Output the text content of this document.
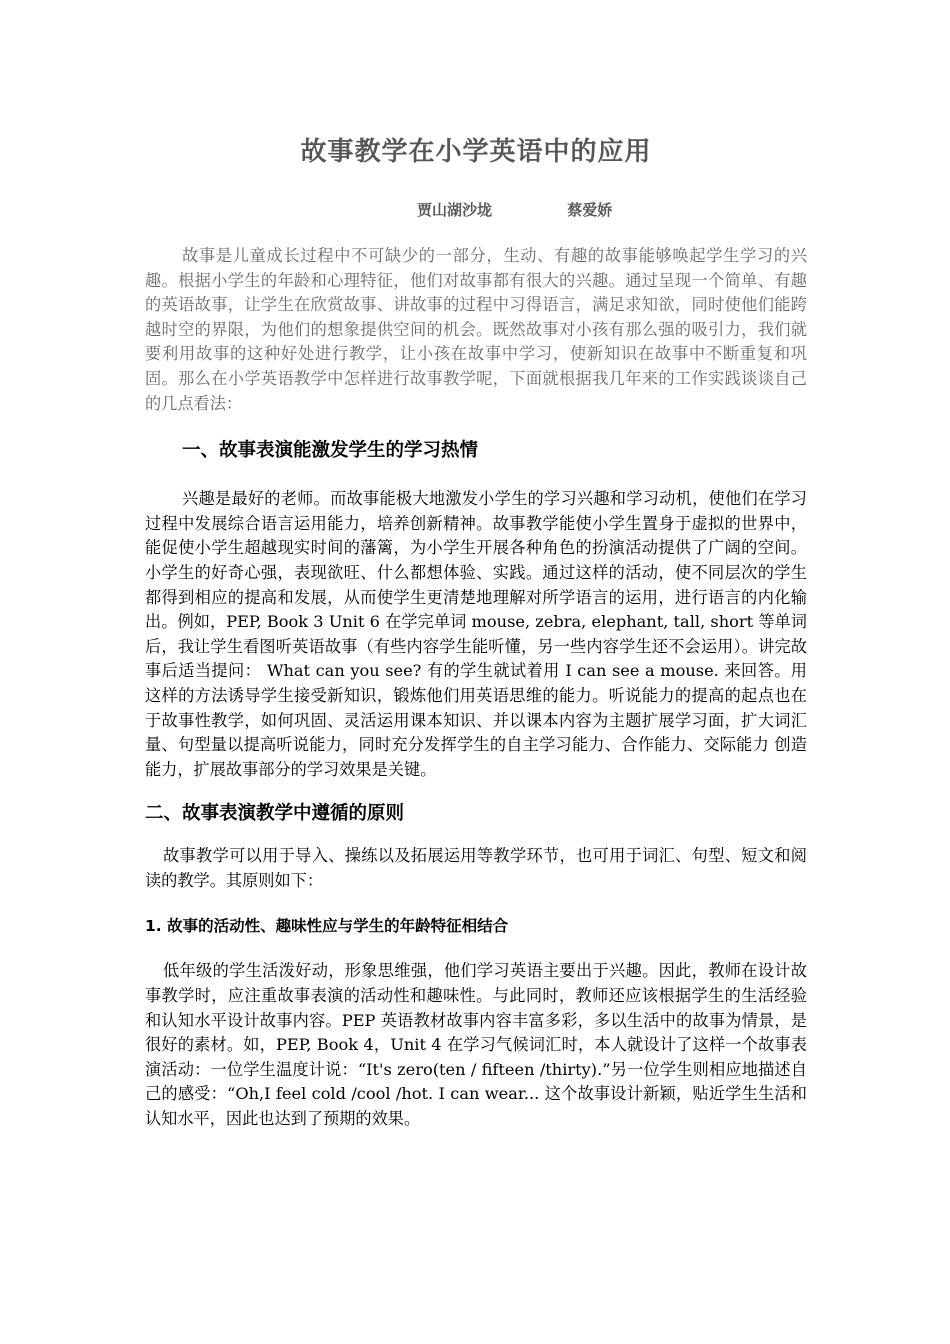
故事教学在小学英语中的应用
贾山湖沙垅	蔡爱娇

故事是儿童成长过程中不可缺少的一部分，生动、有趣的故事能够唤起学生学习的兴趣。根据小学生的年龄和心理特征，他们对故事都有很大的兴趣。通过呈现一个简单、有趣的英语故事，让学生在欣赏故事、讲故事的过程中习得语言，满足求知欲，同时使他们能跨越时空的界限，为他们的想象提供空间的机会。既然故事对小孩有那么强的吸引力，我们就要利用故事的这种好处进行教学，让小孩在故事中学习，使新知识在故事中不断重复和巩固。那么在小学英语教学中怎样进行故事教学呢，下面就根据我几年来的工作实践谈谈自己的几点看法：

一、故事表演能激发学生的学习热情

兴趣是最好的老师。而故事能极大地激发小学生的学习兴趣和学习动机，使他们在学习过程中发展综合语言运用能力，培养创新精神。故事教学能使小学生置身于虚拟的世界中，能促使小学生超越现实时间的藩篱，为小学生开展各种角色的扮演活动提供了广阔的空间。小学生的好奇心强，表现欲旺、什么都想体验、实践。通过这样的活动，使不同层次的学生都得到相应的提高和发展，从而使学生更清楚地理解对所学语言的运用，进行语言的内化输出。例如，PEP, Book 3 Unit 6 在学完单词 mouse, zebra, elephant, tall, short 等单词后，我让学生看图听英语故事（有些内容学生能听懂，另一些内容学生还不会运用）。讲完故事后适当提问： What can you see? 有的学生就试着用 I can see a mouse. 来回答。用这样的方法诱导学生接受新知识，锻炼他们用英语思维的能力。听说能力的提高的起点也在于故事性教学，如何巩固、灵活运用课本知识、并以课本内容为主题扩展学习面，扩大词汇量、句型量以提高听说能力，同时充分发挥学生的自主学习能力、合作能力、交际能力 创造能力，扩展故事部分的学习效果是关键。

二、故事表演教学中遵循的原则

故事教学可以用于导入、操练以及拓展运用等教学环节，也可用于词汇、句型、短文和阅读的教学。其原则如下：

1. 故事的活动性、趣味性应与学生的年龄特征相结合

低年级的学生活泼好动，形象思维强，他们学习英语主要出于兴趣。因此，教师在设计故事教学时，应注重故事表演的活动性和趣味性。与此同时，教师还应该根据学生的生活经验和认知水平设计故事内容。PEP 英语教材故事内容丰富多彩，多以生活中的故事为情景，是很好的素材。如，PEP, Book 4，Unit 4 在学习气候词汇时，本人就设计了这样一个故事表演活动：一位学生温度计说：“It's zero(ten / fifteen /thirty).”另一位学生则相应地描述自己的感受：“Oh,I feel cold /cool /hot. I can wear... 这个故事设计新颖，贴近学生生活和认知水平，因此也达到了预期的效果。
